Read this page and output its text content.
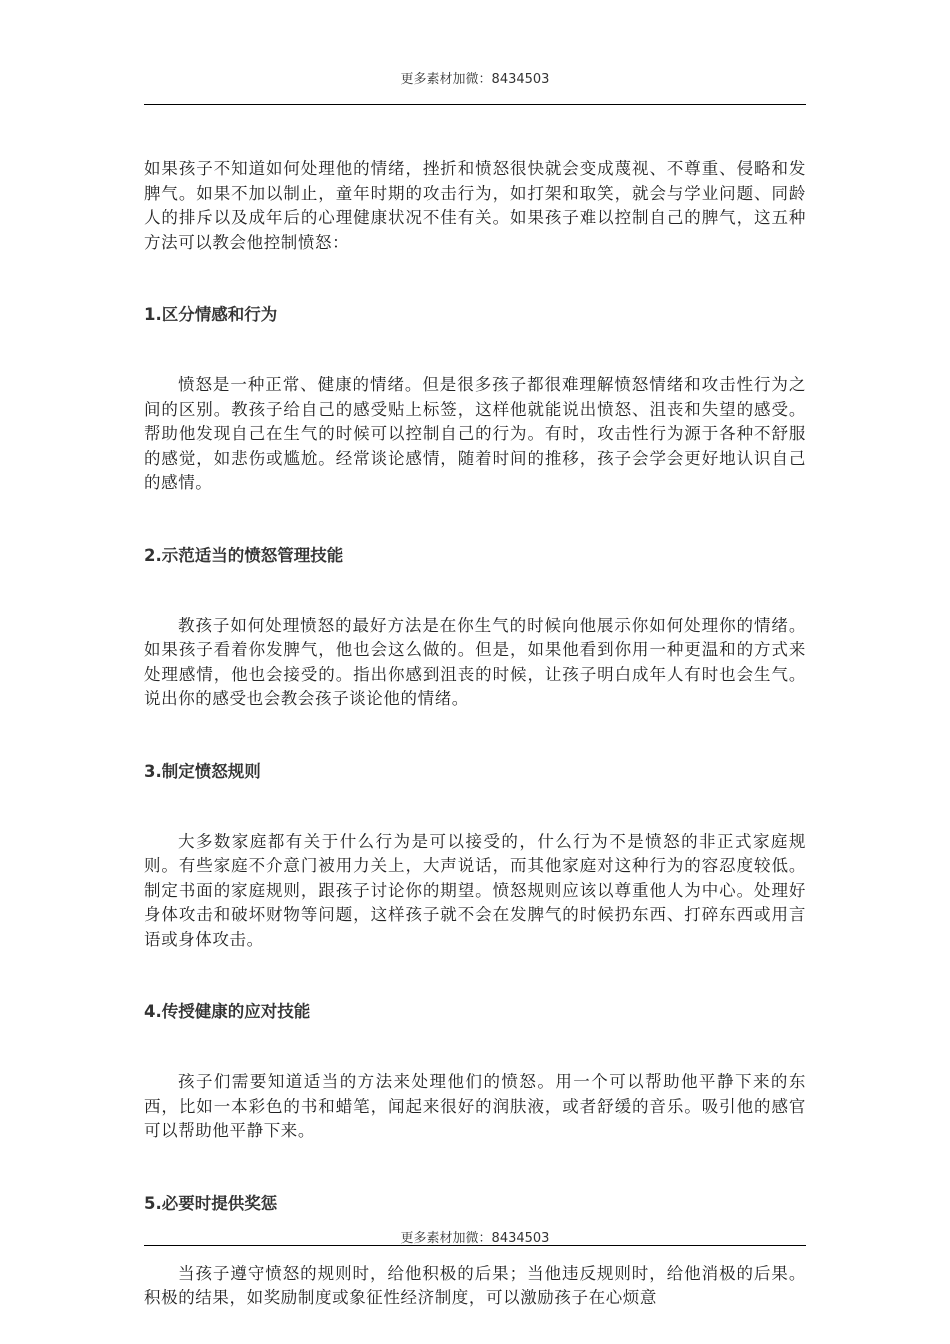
更多素材加微：8434503

如果孩子不知道如何处理他的情绪，挫折和愤怒很快就会变成蔑视、不尊重、侵略和发脾气。如果不加以制止，童年时期的攻击行为，如打架和取笑，就会与学业问题、同龄人的排斥以及成年后的心理健康状况不佳有关。如果孩子难以控制自己的脾气，这五种方法可以教会他控制愤怒：

1.区分情感和行为

愤怒是一种正常、健康的情绪。但是很多孩子都很难理解愤怒情绪和攻击性行为之间的区别。教孩子给自己的感受贴上标签，这样他就能说出愤怒、沮丧和失望的感受。帮助他发现自己在生气的时候可以控制自己的行为。有时，攻击性行为源于各种不舒服的感觉，如悲伤或尴尬。经常谈论感情，随着时间的推移，孩子会学会更好地认识自己的感情。

2.示范适当的愤怒管理技能

教孩子如何处理愤怒的最好方法是在你生气的时候向他展示你如何处理你的情绪。如果孩子看着你发脾气，他也会这么做的。但是，如果他看到你用一种更温和的方式来处理感情，他也会接受的。指出你感到沮丧的时候，让孩子明白成年人有时也会生气。说出你的感受也会教会孩子谈论他的情绪。

3.制定愤怒规则

大多数家庭都有关于什么行为是可以接受的，什么行为不是愤怒的非正式家庭规则。有些家庭不介意门被用力关上，大声说话，而其他家庭对这种行为的容忍度较低。制定书面的家庭规则，跟孩子讨论你的期望。愤怒规则应该以尊重他人为中心。处理好身体攻击和破坏财物等问题，这样孩子就不会在发脾气的时候扔东西、打碎东西或用言语或身体攻击。

4.传授健康的应对技能

孩子们需要知道适当的方法来处理他们的愤怒。用一个可以帮助他平静下来的东西，比如一本彩色的书和蜡笔，闻起来很好的润肤液，或者舒缓的音乐。吸引他的感官可以帮助他平静下来。

5.必要时提供奖惩

当孩子遵守愤怒的规则时，给他积极的后果；当他违反规则时，给他消极的后果。积极的结果，如奖励制度或象征性经济制度，可以激励孩子在心烦意

更多素材加微：8434503
